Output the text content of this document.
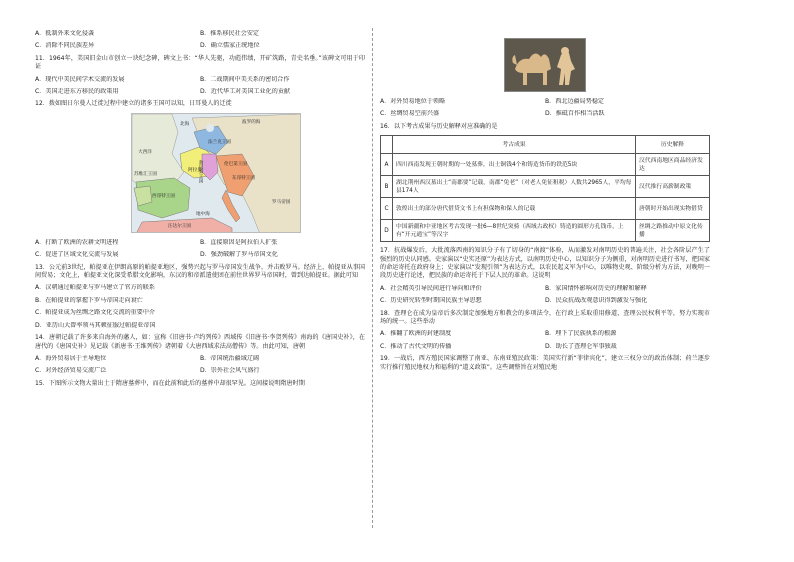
A．抵制外来文化侵袭	B．推系移民社会安定
C．消除不同民族差异	D．确立儒家正统地位
11．1964年，美国旧金山市创立一块纪念碑，碑文上书：“华人先驱，功彪伟绩，开矿筑路，青史名垂。”该碑文可用于印证
A．现代中美民间学术交流的发展	B．二战期间中美关系的密切合作
C．美国走进东方移民的政策用	D．近代华工对美国工业化的贡献
12．拨如图日尔曼人迁徙过程中建立的诸多王国可以知，日耳曼人的迁徙
法兰克王国
伦巴第王国
勃艮第王国	东哥特王国
阿拉曼
苏维汇王国
西哥特王国
汪达尔王国
罗马帝国
波罗的海
北海
大西洋
地中海
A．打断了欧洲的农耕文明进程	B．直接原因是阿拉伯人扩张
C．促进了区域文化交流与发展	D．强劲破解了罗马帝国文化
13．公元前3世纪，帕提亚在伊朗高原的帕提亚地区，强势兴起与罗马帝国发生战争，并击败罗马。经济上，帕提亚从事国间贸易；文化上，帕提亚文化深受希腊文化影响，东汉的和帝派遣使团在前往世界罗马帝国时，曾到达帕提亚。据此可知
A．汉朝通过帕提亚与罗马建立了官方的联系
B．在帕提亚的掌握下罗马帝国走向衰亡
C．帕提亚成为丝绸之路文化交流的重要中介
D．亚历山大曾率领马其顿征服过帕提亚帝国
14．唐朝记载了许多来自海外的藩人，如：宣称《旧唐书·卢约列传》西域传《旧唐书·李贺列传》南海的《唐国史补》，在唐代的《唐国史补》见记载《新唐书·王维列传》诸朝着《大唐西域求法高僧传》等。由此可知，唐朝
A．海外贸易居于主导地位	B．帝国统治疆域辽阔
C．对外经济贸易交流广泛	D．崇外社会风气盛行
15．下图所示文物大量出土于隋唐墓葬中，而在此前和此后的墓葬中却很罕见。这间接说明隋唐时期
A．对外贸易地位于领略	B．西北边疆局势稳定
C．丝绸贸易空前兴盛	D．推砥百作相当活跃
16．以下考古成果与历史解释对应准确的是
	考古成果	历史解释
A	四川西南发现王朝时期的一处墓葬，出土铜钱4个和铸造货币的铁范5块	汉代西南地区商品经济发达
B	湖北荆州西汉墓出土“南郡要”记载，南郡“免老”（对老人免征租税）人数共2965人，平均每县174人	汉代推行高薪制政策
C	敦煌出土的部分唐代借贷文书上有担保物和保人的记载	唐朝时开始出现实物借贷
D	中国新疆和中亚地区考古发现一批6—8世纪突骑（西域古政权）铸造的圆形方孔钱币，上有“开元通宝”等汉字	丝绸之路推动中原文化传播
17．抗战爆发后，大批流落西南的知识分子有了切身的“南渡”体验，从而激发对南明历史的普遍关注，社会各阶层产生了强烈的历史认同感。史家演以“史实还原”为表达方式，以南明历史中心，以知识分子为侧重，对南明历史进行书写，把国家的命运寄托在政府身上；史家演以“发现引领”为表达方式，以农民起义军为中心，以唯物史观、阶级分析为方法，对晚明一段历史进行论述，把民族的命运寄托于下层人民的革命。这说明
A．社会精英引导民间进行导向和评价	B．家国情怀影响对历史的理解和解释
C．历史研究转型时期国民族主导思想	D．民众抗战改观意识得到激发与强化
18．查理仑在成为皇帝后多次制定加强地方和教会的多项法令，在行政上采取重用修道，查理公民权利平等，努力实现市场的统一。这些举动
A．推翻了欧洲的封建制度	B．埋下了民族执系的根源
C．推动了古代文明的传播	D．助长了查理仑军事独裁
19．一战后，西方殖民国家调整了南亚、东南亚殖民政策：美国实行新“菲律宾化”，建立三权分立的政治体制；荷兰逐步实行推行殖民地权力和福利的“道义政策”。这些调整旨在对殖民地
